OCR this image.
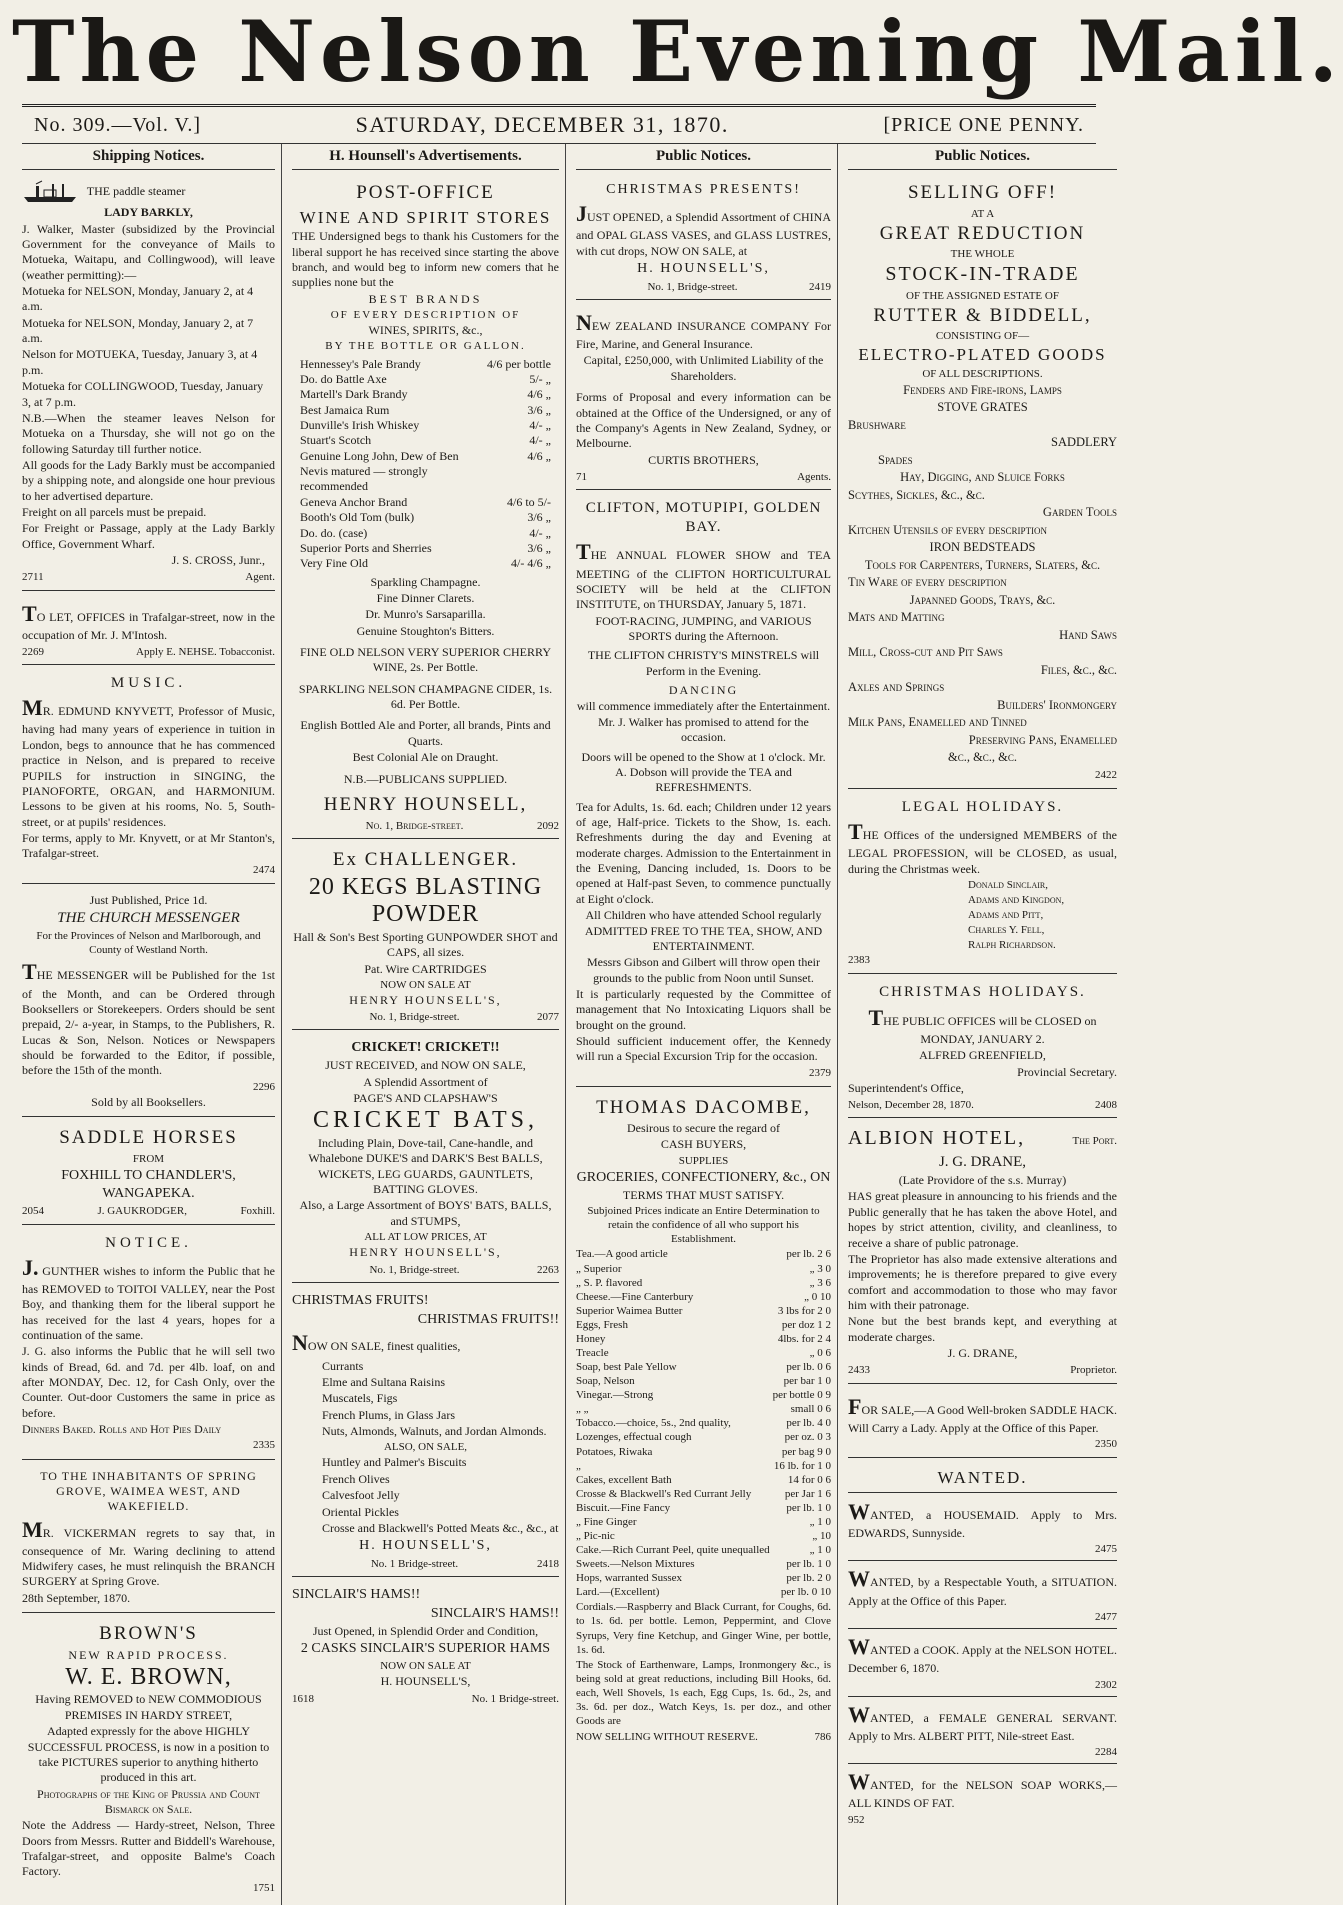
The Nelson Evening Mail.
No. 309.—Vol. V.]	SATURDAY, DECEMBER 31, 1870.	[PRICE ONE PENNY.
Shipping Notices.
THE paddle steamer

LADY BARKLY,

J. Walker, Master (subsidized by the Provincial Government for the conveyance of Mails to Motueka, Waitapu, and Collingwood), will leave (weather permitting):—

Motueka for NELSON, Monday, January 2, at 4 a.m.

Motueka for NELSON, Monday, January 2, at 7 a.m.

Nelson for MOTUEKA, Tuesday, January 3, at 4 p.m.

Motueka for COLLINGWOOD, Tuesday, January 3, at 7 p.m.

N.B.—When the steamer leaves Nelson for Motueka on a Thursday, she will not go on the following Saturday till further notice.

All goods for the Lady Barkly must be accompanied by a shipping note, and alongside one hour previous to her advertised departure.

Freight on all parcels must be prepaid.

For Freight or Passage, apply at the Lady Barkly Office, Government Wharf.

J. S. CROSS, Junr.,

2711	Agent.

TO LET, OFFICES in Trafalgar-street, now in the occupation of Mr. J. M'Intosh.

2269	Apply E. NEHSE. Tobacconist.

MUSIC.

MR. EDMUND KNYVETT, Professor of Music, having had many years of experience in tuition in London, begs to announce that he has commenced practice in Nelson, and is prepared to receive PUPILS for instruction in SINGING, the PIANOFORTE, ORGAN, and HARMONIUM. Lessons to be given at his rooms, No. 5, South-street, or at pupils' residences.

For terms, apply to Mr. Knyvett, or at Mr Stanton's, Trafalgar-street.

2474

Just Published, Price 1d.

THE CHURCH MESSENGER

For the Provinces of Nelson and Marlborough, and County of Westland North.

THE MESSENGER will be Published for the 1st of the Month, and can be Ordered through Booksellers or Storekeepers. Orders should be sent prepaid, 2/- a-year, in Stamps, to the Publishers, R. Lucas & Son, Nelson. Notices or Newspapers should be forwarded to the Editor, if possible, before the 15th of the month.

2296

Sold by all Booksellers.

SADDLE HORSES

FROM

FOXHILL TO CHANDLER'S, WANGAPEKA.

2054	J. GAUKRODGER,	Foxhill.

NOTICE.

J. GUNTHER wishes to inform the Public that he has REMOVED to TOITOI VALLEY, near the Post Boy, and thanking them for the liberal support he has received for the last 4 years, hopes for a continuation of the same.

J. G. also informs the Public that he will sell two kinds of Bread, 6d. and 7d. per 4lb. loaf, on and after MONDAY, Dec. 12, for Cash Only, over the Counter. Out-door Customers the same in price as before.

Dinners Baked. Rolls and Hot Pies Daily

2335

TO THE INHABITANTS OF SPRING GROVE, WAIMEA WEST, AND WAKEFIELD.

MR. VICKERMAN regrets to say that, in consequence of Mr. Waring declining to attend Midwifery cases, he must relinquish the BRANCH SURGERY at Spring Grove.

28th September, 1870.

BROWN'S

NEW RAPID PROCESS.

W. E. BROWN,

Having REMOVED to NEW COMMODIOUS PREMISES IN HARDY STREET,

Adapted expressly for the above HIGHLY SUCCESSFUL PROCESS, is now in a position to take PICTURES superior to anything hitherto produced in this art.

Photographs of the King of Prussia and Count Bismarck on Sale.

Note the Address — Hardy-street, Nelson, Three Doors from Messrs. Rutter and Biddell's Warehouse, Trafalgar-street, and opposite Balme's Coach Factory.

1751

H. Hounsell's Advertisements.

POST-OFFICE

WINE AND SPIRIT STORES

THE Undersigned begs to thank his Customers for the liberal support he has received since starting the above branch, and would beg to inform new comers that he supplies none but the

BEST BRANDS

OF EVERY DESCRIPTION OF

WINES, SPIRITS, &c.,

BY THE BOTTLE OR GALLON.

Hennessey's Pale Brandy	4/6 per bottle
Do. do Battle Axe	5/- „
Martell's Dark Brandy	4/6 „
Best Jamaica Rum	3/6 „
Dunville's Irish Whiskey	4/- „
Stuart's Scotch	4/- „
Genuine Long John, Dew of Ben Nevis matured — strongly recommended
4/6 „
Geneva Anchor Brand	4/6 to 5/-
Booth's Old Tom (bulk)	3/6 „
Do. do. (case)	4/- „
Superior Ports and Sherries	3/6 „
Very Fine Old	4/- 4/6 „

Sparkling Champagne.

Fine Dinner Clarets.

Dr. Munro's Sarsaparilla.

Genuine Stoughton's Bitters.

FINE OLD NELSON VERY SUPERIOR CHERRY WINE, 2s. Per Bottle.

SPARKLING NELSON CHAMPAGNE CIDER, 1s. 6d. Per Bottle.

English Bottled Ale and Porter, all brands, Pints and Quarts.

Best Colonial Ale on Draught.

N.B.—PUBLICANS SUPPLIED.

HENRY HOUNSELL,

No. 1, Bridge-street.	2092

Ex CHALLENGER.

20 KEGS BLASTING POWDER

Hall & Son's Best Sporting GUNPOWDER SHOT and CAPS, all sizes.

Pat. Wire CARTRIDGES

NOW ON SALE AT

HENRY HOUNSELL'S,

No. 1, Bridge-street.	2077

CRICKET! CRICKET!!

JUST RECEIVED, and NOW ON SALE,

A Splendid Assortment of

PAGE'S AND CLAPSHAW'S

CRICKET BATS,

Including Plain, Dove-tail, Cane-handle, and Whalebone DUKE'S and DARK'S Best BALLS, WICKETS, LEG GUARDS, GAUNTLETS, BATTING GLOVES.

Also, a Large Assortment of BOYS' BATS, BALLS, and STUMPS,

ALL AT LOW PRICES, AT

HENRY HOUNSELL'S,

No. 1, Bridge-street.	2263

CHRISTMAS FRUITS!

CHRISTMAS FRUITS!!

NOW ON SALE, finest qualities,

Currants

Elme and Sultana Raisins

Muscatels, Figs

French Plums, in Glass Jars

Nuts, Almonds, Walnuts, and Jordan Almonds.

ALSO, ON SALE,

Huntley and Palmer's Biscuits

French Olives

Calvesfoot Jelly

Oriental Pickles

Crosse and Blackwell's Potted Meats &c., &c., at

H. HOUNSELL'S,

No. 1 Bridge-street.	2418

SINCLAIR'S HAMS!!

SINCLAIR'S HAMS!!

Just Opened, in Splendid Order and Condition,

2 CASKS SINCLAIR'S SUPERIOR HAMS

NOW ON SALE AT

H. HOUNSELL'S,

1618	No. 1 Bridge-street.
Public Notices.

CHRISTMAS PRESENTS!

JUST OPENED, a Splendid Assortment of CHINA and OPAL GLASS VASES, and GLASS LUSTRES, with cut drops, NOW ON SALE, at

H. HOUNSELL'S,

No. 1, Bridge-street.	2419

NEW ZEALAND INSURANCE COMPANY For Fire, Marine, and General Insurance.

Capital, £250,000, with Unlimited Liability of the Shareholders.

Forms of Proposal and every information can be obtained at the Office of the Undersigned, or any of the Company's Agents in New Zealand, Sydney, or Melbourne.

CURTIS BROTHERS,

71	Agents.

CLIFTON, MOTUPIPI, GOLDEN BAY.

THE ANNUAL FLOWER SHOW and TEA MEETING of the CLIFTON HORTICULTURAL SOCIETY will be held at the CLIFTON INSTITUTE, on THURSDAY, January 5, 1871.

FOOT-RACING, JUMPING, and VARIOUS SPORTS during the Afternoon.

THE CLIFTON CHRISTY'S MINSTRELS will Perform in the Evening.

DANCING

will commence immediately after the Entertainment. Mr. J. Walker has promised to attend for the occasion.

Doors will be opened to the Show at 1 o'clock. Mr. A. Dobson will provide the TEA and REFRESHMENTS.

Tea for Adults, 1s. 6d. each; Children under 12 years of age, Half-price. Tickets to the Show, 1s. each. Refreshments during the day and Evening at moderate charges. Admission to the Entertainment in the Evening, Dancing included, 1s. Doors to be opened at Half-past Seven, to commence punctually at Eight o'clock.

All Children who have attended School regularly ADMITTED FREE TO THE TEA, SHOW, AND ENTERTAINMENT.

Messrs Gibson and Gilbert will throw open their grounds to the public from Noon until Sunset.

It is particularly requested by the Committee of management that No Intoxicating Liquors shall be brought on the ground.

Should sufficient inducement offer, the Kennedy will run a Special Excursion Trip for the occasion.

2379

THOMAS DACOMBE,

Desirous to secure the regard of

CASH BUYERS,

SUPPLIES

GROCERIES, CONFECTIONERY, &c., ON

TERMS THAT MUST SATISFY.

Subjoined Prices indicate an Entire Determination to retain the confidence of all who support his Establishment.

Tea.—A good article	per lb. 2 6
„ Superior	„ 3 0
„ S. P. flavored	„ 3 6
Cheese.—Fine Canterbury	„ 0 10
Superior Waimea Butter	3 lbs for 2 0
Eggs, Fresh	per doz 1 2
Honey	4lbs. for 2 4
Treacle	„ 0 6
Soap, best Pale Yellow	per lb. 0 6
Soap, Nelson	per bar 1 0
Vinegar.—Strong	per bottle 0 9
„ „	small 0 6
Tobacco.—choice, 5s., 2nd quality,	per lb. 4 0
Lozenges, effectual cough	per oz. 0 3
Potatoes, Riwaka	per bag 9 0
„	16 lb. for 1 0
Cakes, excellent Bath	14 for 0 6
Crosse & Blackwell's Red Currant Jelly	per Jar 1 6
Biscuit.—Fine Fancy	per lb. 1 0
„ Fine Ginger	„ 1 0
„ Pic-nic	„ 10
Cake.—Rich Currant Peel, quite unequalled	„ 1 0
Sweets.—Nelson Mixtures	per lb. 1 0
Hops, warranted Sussex	per lb. 2 0
Lard.—(Excellent)	per lb. 0 10

Cordials.—Raspberry and Black Currant, for Coughs, 6d. to 1s. 6d. per bottle. Lemon, Peppermint, and Clove Syrups, Very fine Ketchup, and Ginger Wine, per bottle, 1s. 6d.

The Stock of Earthenware, Lamps, Ironmongery &c., is being sold at great reductions, including Bill Hooks, 6d. each, Well Shovels, 1s each, Egg Cups, 1s. 6d., 2s, and 3s. 6d. per doz., Watch Keys, 1s. per doz., and other Goods are

NOW SELLING WITHOUT RESERVE.	786
Public Notices.

SELLING OFF!

AT A

GREAT REDUCTION

THE WHOLE

STOCK-IN-TRADE

OF THE ASSIGNED ESTATE OF

RUTTER & BIDDELL,

CONSISTING OF—

ELECTRO-PLATED GOODS

OF ALL DESCRIPTIONS.

Fenders and Fire-irons, Lamps

STOVE GRATES

Brushware

SADDLERY

Spades

Hay, Digging, and Sluice Forks

Scythes, Sickles, &c., &c.

Garden Tools

Kitchen Utensils of every description

IRON BEDSTEADS

Tools for Carpenters, Turners, Slaters, &c.

Tin Ware of every description

Japanned Goods, Trays, &c.

Mats and Matting

Hand Saws

Mill, Cross-cut and Pit Saws

Files, &c., &c.

Axles and Springs

Builders' Ironmongery

Milk Pans, Enamelled and Tinned

Preserving Pans, Enamelled

&c., &c., &c.

2422

LEGAL HOLIDAYS.

THE Offices of the undersigned MEMBERS of the LEGAL PROFESSION, will be CLOSED, as usual, during the Christmas week.

Donald Sinclair,

Adams and Kingdon,

Adams and Pitt,

Charles Y. Fell,

Ralph Richardson.

2383

CHRISTMAS HOLIDAYS.

THE PUBLIC OFFICES will be CLOSED on MONDAY, JANUARY 2.

ALFRED GREENFIELD,

Provincial Secretary.

Superintendent's Office,

Nelson, December 28, 1870.	2408
ALBION HOTEL,	The Port.

J. G. DRANE,

(Late Providore of the s.s. Murray)

HAS great pleasure in announcing to his friends and the Public generally that he has taken the above Hotel, and hopes by strict attention, civility, and cleanliness, to receive a share of public patronage.

The Proprietor has also made extensive alterations and improvements; he is therefore prepared to give every comfort and accommodation to those who may favor him with their patronage.

None but the best brands kept, and everything at moderate charges.

J. G. DRANE,

2433	Proprietor.

FOR SALE,—A Good Well-broken SADDLE HACK. Will Carry a Lady. Apply at the Office of this Paper.

2350

WANTED.

WANTED, a HOUSEMAID. Apply to Mrs. EDWARDS, Sunnyside.

2475

WANTED, by a Respectable Youth, a SITUATION. Apply at the Office of this Paper.

2477

WANTED a COOK. Apply at the NELSON HOTEL. December 6, 1870.

2302

WANTED, a FEMALE GENERAL SERVANT. Apply to Mrs. ALBERT PITT, Nile-street East.

2284

WANTED, for the NELSON SOAP WORKS,— ALL KINDS OF FAT.

952
